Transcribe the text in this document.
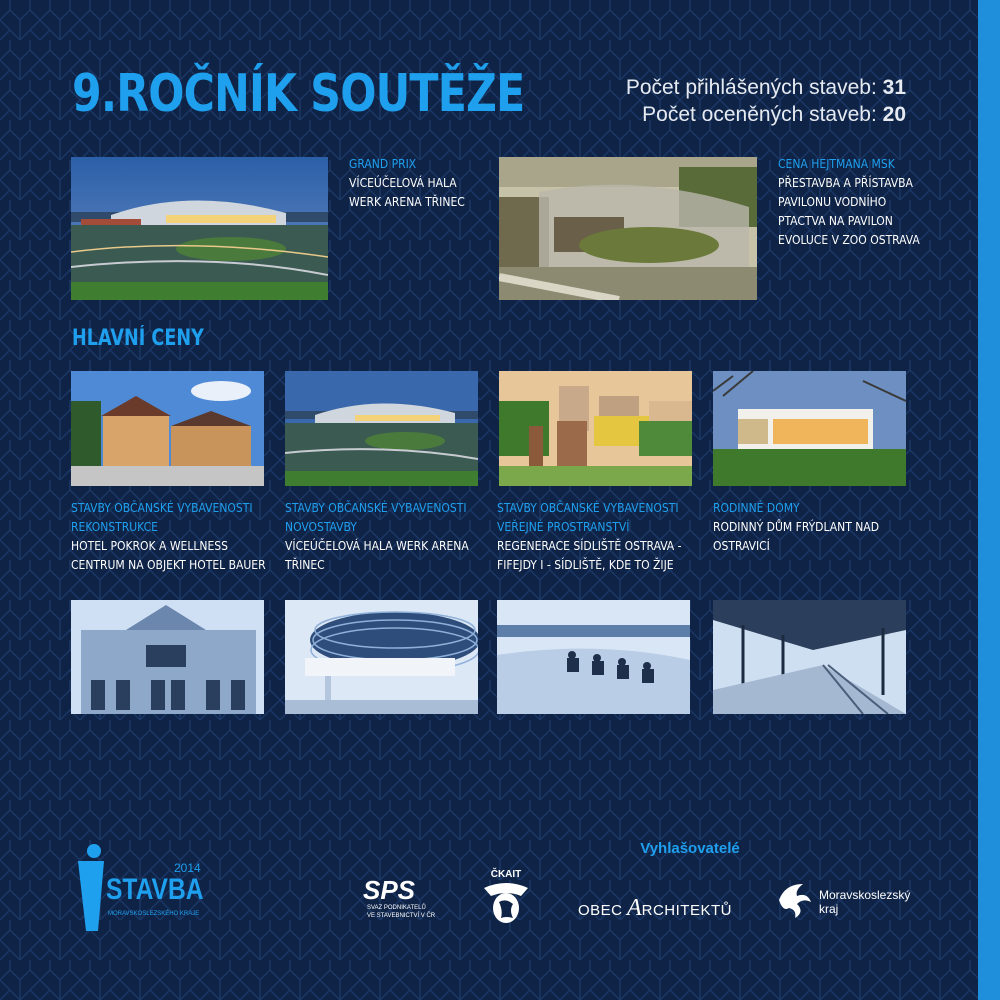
9.ROČNÍK SOUTĚŽE	Počet přihlášených staveb: 31
Počet oceněných staveb: 20
GRAND PRIX
VÍCEÚČELOVÁ HALA WERK ARENA TŘINEC
CENA HEJTMANA MSK
PŘESTAVBA A PŘÍSTAVBA PAVILONU VODNÍHO PTACTVA NA PAVILON EVOLUCE V ZOO OSTRAVA
HLAVNÍ CENY
STAVBY OBČANSKÉ VYBAVENOSTI
REKONSTRUKCE
HOTEL POKROK A WELLNESS CENTRUM NA OBJEKT HOTEL BAUER
STAVBY OBČANSKÉ VYBAVENOSTI
NOVOSTAVBY
VÍCEÚČELOVÁ HALA WERK ARENA TŘINEC
STAVBY OBČANSKÉ VYBAVENOSTI
VEŘEJNÉ PROSTRANSTVÍ
REGENERACE SÍDLIŠTĚ OSTRAVA - FIFEJDY I - SÍDLIŠTĚ, KDE TO ŽIJE
RODINNÉ DOMY
RODINNÝ DŮM FRÝDLANT NAD OSTRAVICÍ
2014
STAVBA
MORAVSKOSLEZSKÉHO KRAJE
Vyhlašovatelé
SPS
SVAZ PODNIKATELŮ
VE STAVEBNICTVÍ V ČR
ČKAIT
OBEC ARCHITEKTŮ
Moravskoslezský
kraj
